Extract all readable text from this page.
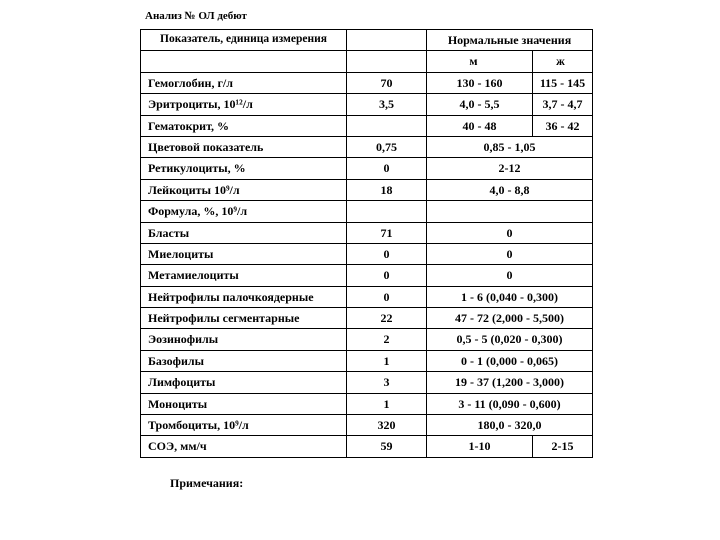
Анализ № ОЛ дебют
Показатель, единица измерения		Нормальные значения	
		м	ж
Гемоглобин, г/л	70	130 - 160	115 - 145
Эритроциты, 10¹²/л	3,5	4,0 - 5,5	3,7 - 4,7
Гематокрит, %		40 - 48	36 - 42
Цветовой показатель	0,75	0,85 - 1,05	
Ретикулоциты, %	0	2-12	
Лейкоциты 10⁹/л	18	4,0 - 8,8	
Формула, %, 10⁹/л			
Бласты	71	0	
Миелоциты	0	0	
Метамиелоциты	0	0	
Нейтрофилы палочкоядерные	0	1 - 6 (0,040 - 0,300)	
Нейтрофилы сегментарные	22	47 - 72 (2,000 - 5,500)	
Эозинофилы	2	0,5 - 5 (0,020 - 0,300)	
Базофилы	1	0 - 1 (0,000 - 0,065)	
Лимфоциты	3	19 - 37 (1,200 - 3,000)	
Моноциты	1	3 - 11 (0,090 - 0,600)	
Тромбоциты, 10⁹/л	320	180,0 - 320,0	
СОЭ, мм/ч	59	1-10	2-15
Примечания:
